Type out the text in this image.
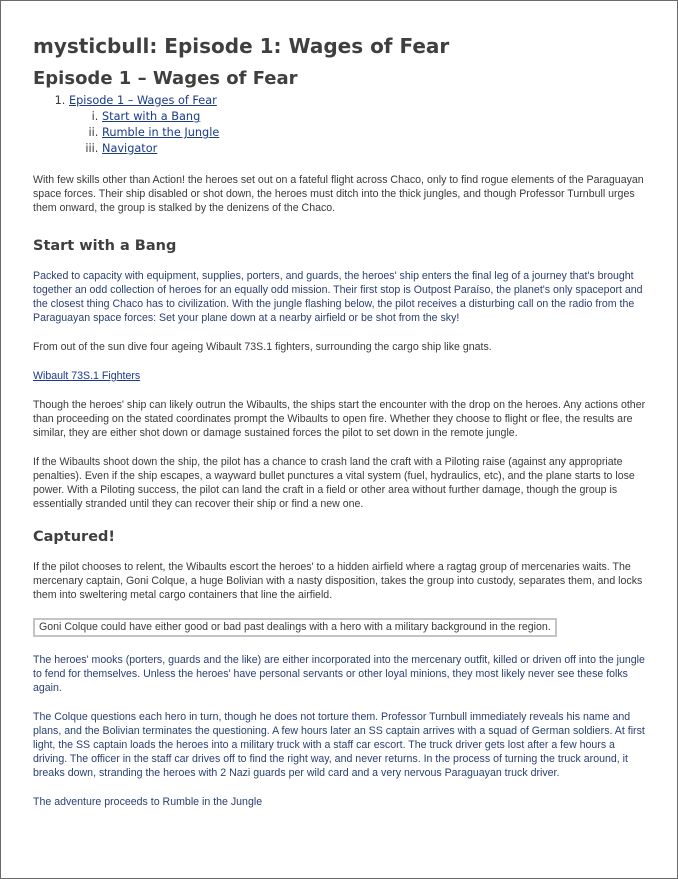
mysticbull: Episode 1: Wages of Fear
Episode 1 – Wages of Fear
1. Episode 1 – Wages of Fear
i. Start with a Bang
ii. Rumble in the Jungle
iii. Navigator

With few skills other than Action! the heroes set out on a fateful flight across Chaco, only to find rogue elements of the Paraguayan space forces. Their ship disabled or shot down, the heroes must ditch into the thick jungles, and though Professor Turnbull urges them onward, the group is stalked by the denizens of the Chaco.

Start with a Bang

Packed to capacity with equipment, supplies, porters, and guards, the heroes' ship enters the final leg of a journey that's brought together an odd collection of heroes for an equally odd mission. Their first stop is Outpost Paraíso, the planet's only spaceport and the closest thing Chaco has to civilization. With the jungle flashing below, the pilot receives a disturbing call on the radio from the Paraguayan space forces: Set your plane down at a nearby airfield or be shot from the sky!

From out of the sun dive four ageing Wibault 73S.1 fighters, surrounding the cargo ship like gnats.

Wibault 73S.1 Fighters

Though the heroes' ship can likely outrun the Wibaults, the ships start the encounter with the drop on the heroes. Any actions other than proceeding on the stated coordinates prompt the Wibaults to open fire. Whether they choose to flight or flee, the results are similar, they are either shot down or damage sustained forces the pilot to set down in the remote jungle.

If the Wibaults shoot down the ship, the pilot has a chance to crash land the craft with a Piloting raise (against any appropriate penalties). Even if the ship escapes, a wayward bullet punctures a vital system (fuel, hydraulics, etc), and the plane starts to lose power. With a Piloting success, the pilot can land the craft in a field or other area without further damage, though the group is essentially stranded until they can recover their ship or find a new one.

Captured!

If the pilot chooses to relent, the Wibaults escort the heroes' to a hidden airfield where a ragtag group of mercenaries waits. The mercenary captain, Goni Colque, a huge Bolivian with a nasty disposition, takes the group into custody, separates them, and locks them into sweltering metal cargo containers that line the airfield.

Goni Colque could have either good or bad past dealings with a hero with a military background in the region.

The heroes' mooks (porters, guards and the like) are either incorporated into the mercenary outfit, killed or driven off into the jungle to fend for themselves. Unless the heroes' have personal servants or other loyal minions, they most likely never see these folks again.

The Colque questions each hero in turn, though he does not torture them. Professor Turnbull immediately reveals his name and plans, and the Bolivian terminates the questioning. A few hours later an SS captain arrives with a squad of German soldiers. At first light, the SS captain loads the heroes into a military truck with a staff car escort. The truck driver gets lost after a few hours a driving. The officer in the staff car drives off to find the right way, and never returns. In the process of turning the truck around, it breaks down, stranding the heroes with 2 Nazi guards per wild card and a very nervous Paraguayan truck driver.

The adventure proceeds to Rumble in the Jungle
